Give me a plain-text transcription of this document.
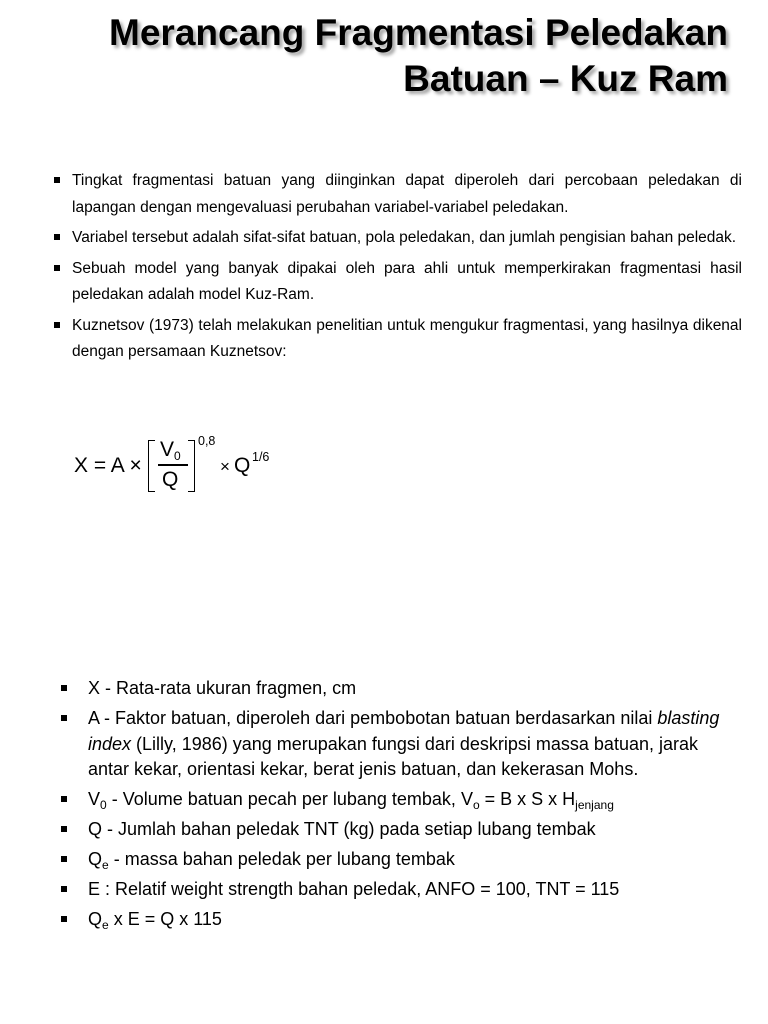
Merancang Fragmentasi Peledakan
Batuan – Kuz Ram
Tingkat fragmentasi batuan yang diinginkan dapat diperoleh dari percobaan peledakan di lapangan dengan mengevaluasi perubahan variabel-variabel peledakan.
Variabel tersebut adalah sifat-sifat batuan, pola peledakan, dan jumlah pengisian bahan peledak.
Sebuah model yang banyak dipakai oleh para ahli untuk memperkirakan fragmentasi hasil peledakan adalah model Kuz-Ram.
Kuznetsov (1973) telah melakukan penelitian untuk mengukur fragmentasi, yang hasilnya dikenal dengan persamaan Kuznetsov:
X = A ×
$V_0$
Q
0,8
× Q 1/6
X - Rata-rata ukuran fragmen, cm
A - Faktor batuan, diperoleh dari pembobotan batuan berdasarkan nilai blasting index (Lilly, 1986) yang merupakan fungsi dari deskripsi massa batuan, jarak antar kekar, orientasi kekar, berat jenis batuan, dan kekerasan Mohs.
$V_0$ - Volume batuan pecah per lubang tembak, $V_o = B$ x S x $H_{jenjang}$
Q - Jumlah bahan peledak TNT (kg) pada setiap lubang tembak
$Q_e$ - massa bahan peledak per lubang tembak
E : Relatif weight strength bahan peledak, ANFO = 100, TNT = 115
$Q_e$ x E = Q x 115
